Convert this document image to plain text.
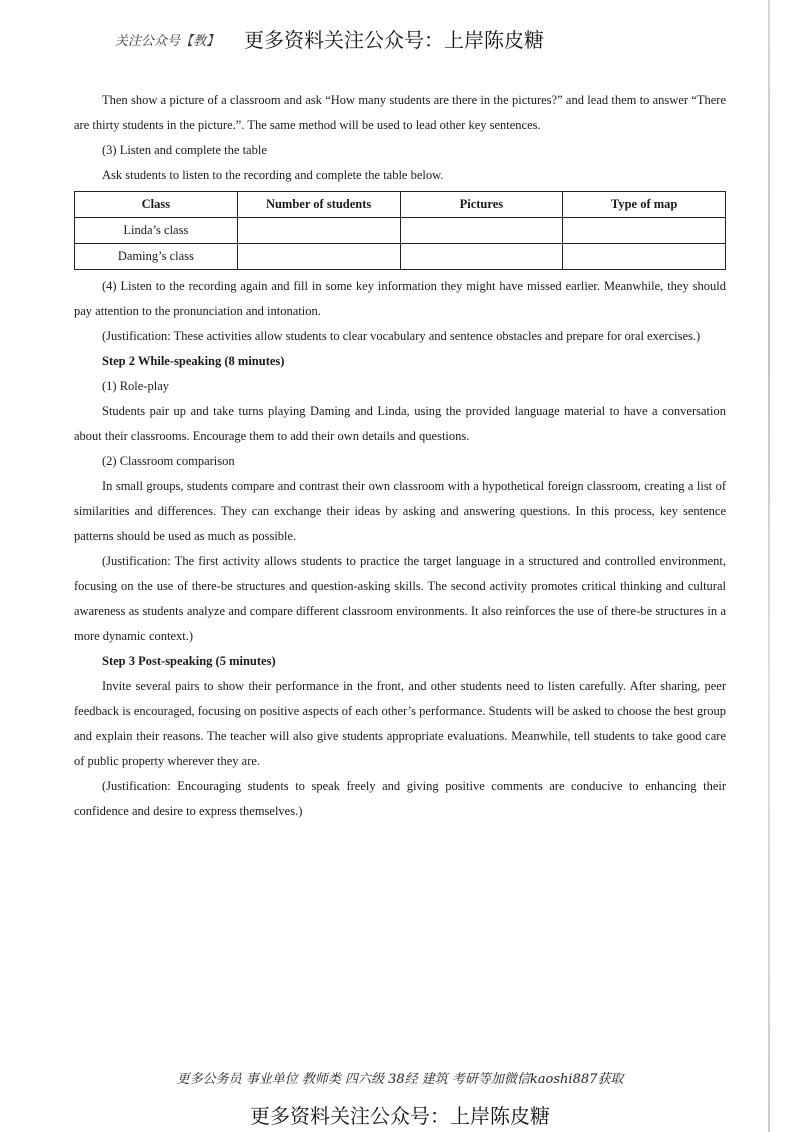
关注公众号【教】 更多资料关注公众号：上岸陈皮糖

Then show a picture of a classroom and ask “How many students are there in the pictures?” and lead them to answer “There are thirty students in the picture.”. The same method will be used to lead other key sentences.

(3) Listen and complete the table

Ask students to listen to the recording and complete the table below.

Class	Number of students	Pictures	Type of map
Linda’s class			
Daming’s class			

(4) Listen to the recording again and fill in some key information they might have missed earlier. Meanwhile, they should pay attention to the pronunciation and intonation.

(Justification: These activities allow students to clear vocabulary and sentence obstacles and prepare for oral exercises.)

Step 2 While-speaking (8 minutes)

(1) Role-play

Students pair up and take turns playing Daming and Linda, using the provided language material to have a conversation about their classrooms. Encourage them to add their own details and questions.

(2) Classroom comparison

In small groups, students compare and contrast their own classroom with a hypothetical foreign classroom, creating a list of similarities and differences. They can exchange their ideas by asking and answering questions. In this process, key sentence patterns should be used as much as possible.

(Justification: The first activity allows students to practice the target language in a structured and controlled environment, focusing on the use of there-be structures and question-asking skills. The second activity promotes critical thinking and cultural awareness as students analyze and compare different classroom environments. It also reinforces the use of there-be structures in a more dynamic context.)

Step 3 Post-speaking (5 minutes)

Invite several pairs to show their performance in the front, and other students need to listen carefully. After sharing, peer feedback is encouraged, focusing on positive aspects of each other’s performance. Students will be asked to choose the best group and explain their reasons. The teacher will also give students appropriate evaluations. Meanwhile, tell students to take good care of public property wherever they are.

(Justification: Encouraging students to speak freely and giving positive comments are conducive to enhancing their confidence and desire to express themselves.)

更多公务员 事业单位 教师类 四六级 38经 建筑 考研等加微信kaoshi887获取
更多资料关注公众号：上岸陈皮糖
